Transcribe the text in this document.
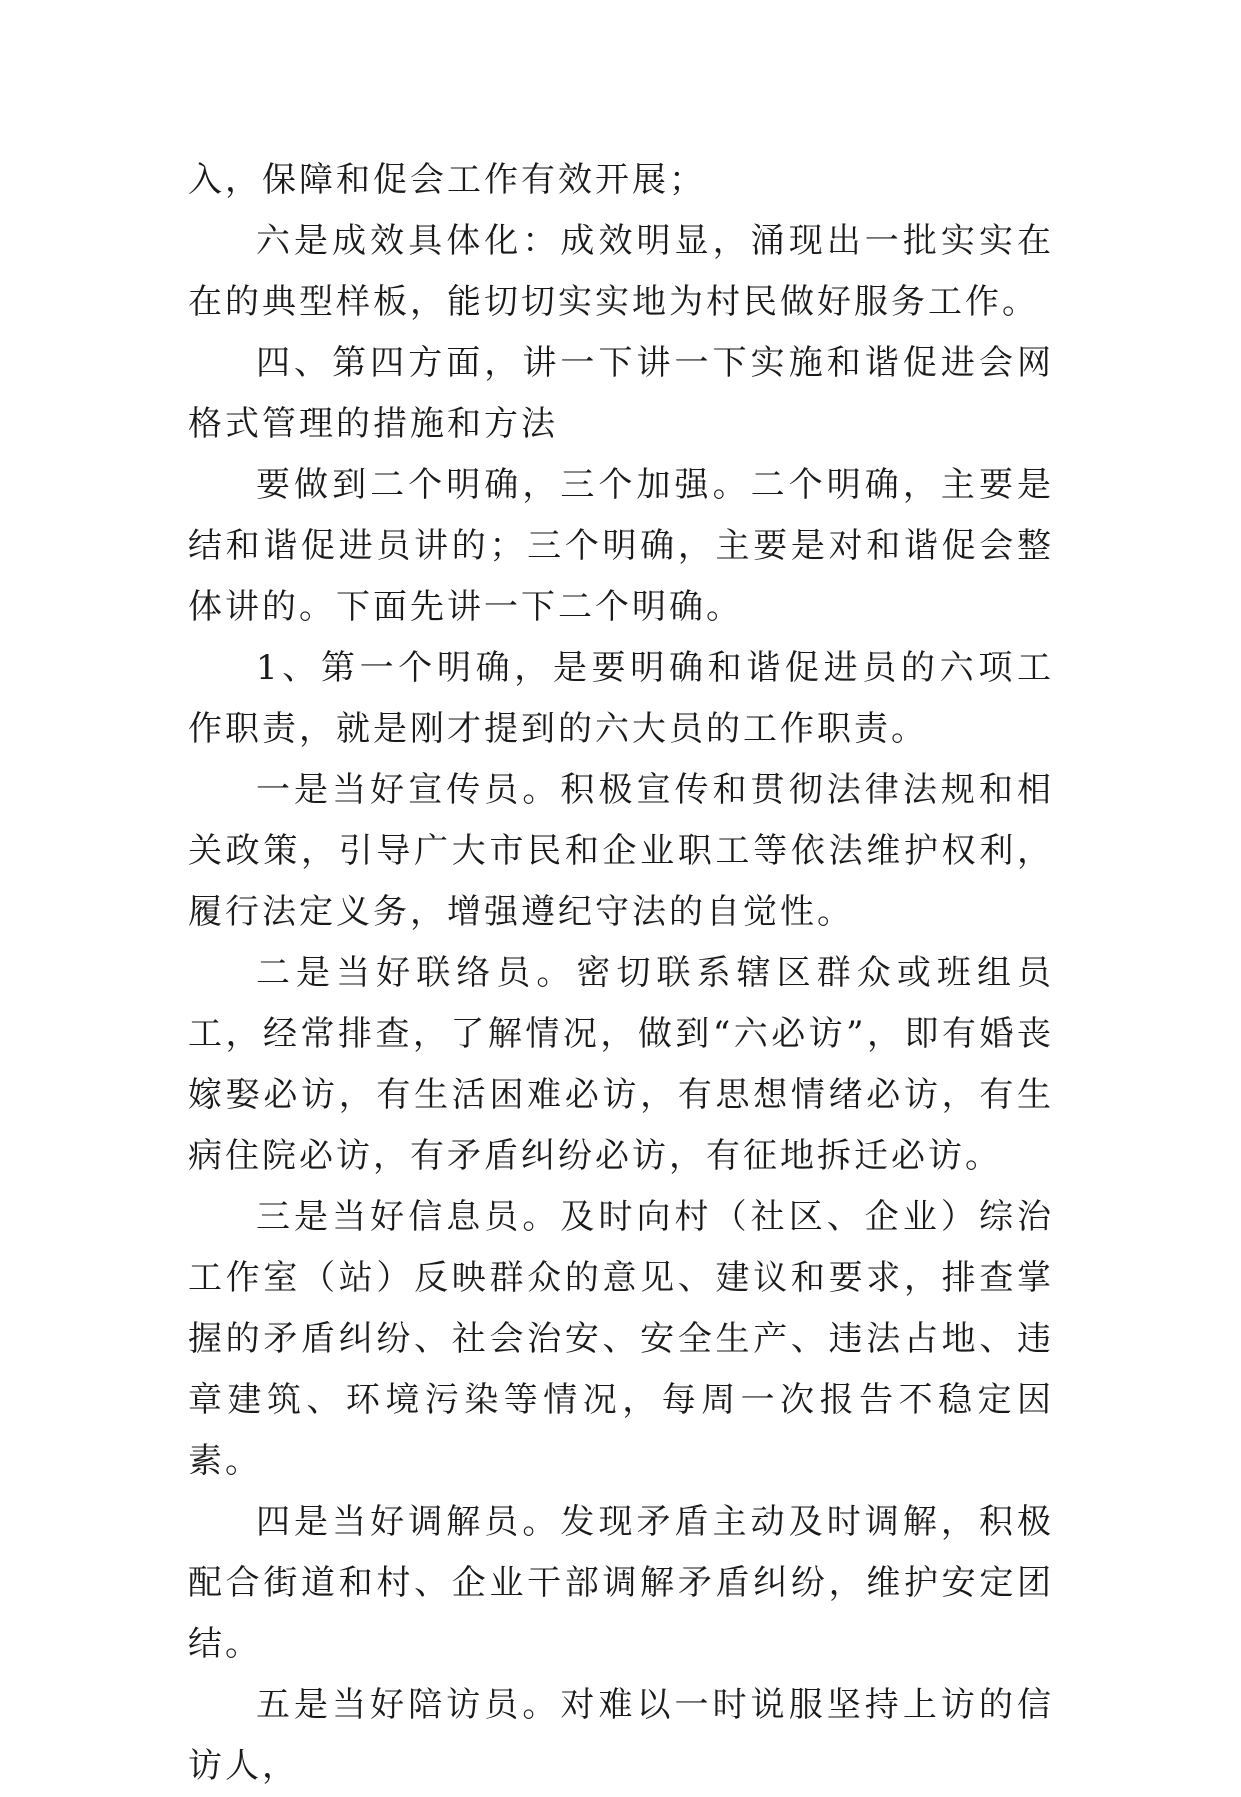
入，保障和促会工作有效开展；

六是成效具体化：成效明显，涌现出一批实实在在的典型样板，能切切实实地为村民做好服务工作。

四、第四方面，讲一下讲一下实施和谐促进会网格式管理的措施和方法

要做到二个明确，三个加强。二个明确，主要是结和谐促进员讲的；三个明确，主要是对和谐促会整体讲的。下面先讲一下二个明确。

1、第一个明确，是要明确和谐促进员的六项工作职责，就是刚才提到的六大员的工作职责。

一是当好宣传员。积极宣传和贯彻法律法规和相关政策，引导广大市民和企业职工等依法维护权利，履行法定义务，增强遵纪守法的自觉性。

二是当好联络员。密切联系辖区群众或班组员工，经常排查，了解情况，做到“六必访”，即有婚丧嫁娶必访，有生活困难必访，有思想情绪必访，有生病住院必访，有矛盾纠纷必访，有征地拆迁必访。

三是当好信息员。及时向村（社区、企业）综治工作室（站）反映群众的意见、建议和要求，排查掌握的矛盾纠纷、社会治安、安全生产、违法占地、违章建筑、环境污染等情况，每周一次报告不稳定因素。

四是当好调解员。发现矛盾主动及时调解，积极配合街道和村、企业干部调解矛盾纠纷，维护安定团结。

五是当好陪访员。对难以一时说服坚持上访的信访人，
